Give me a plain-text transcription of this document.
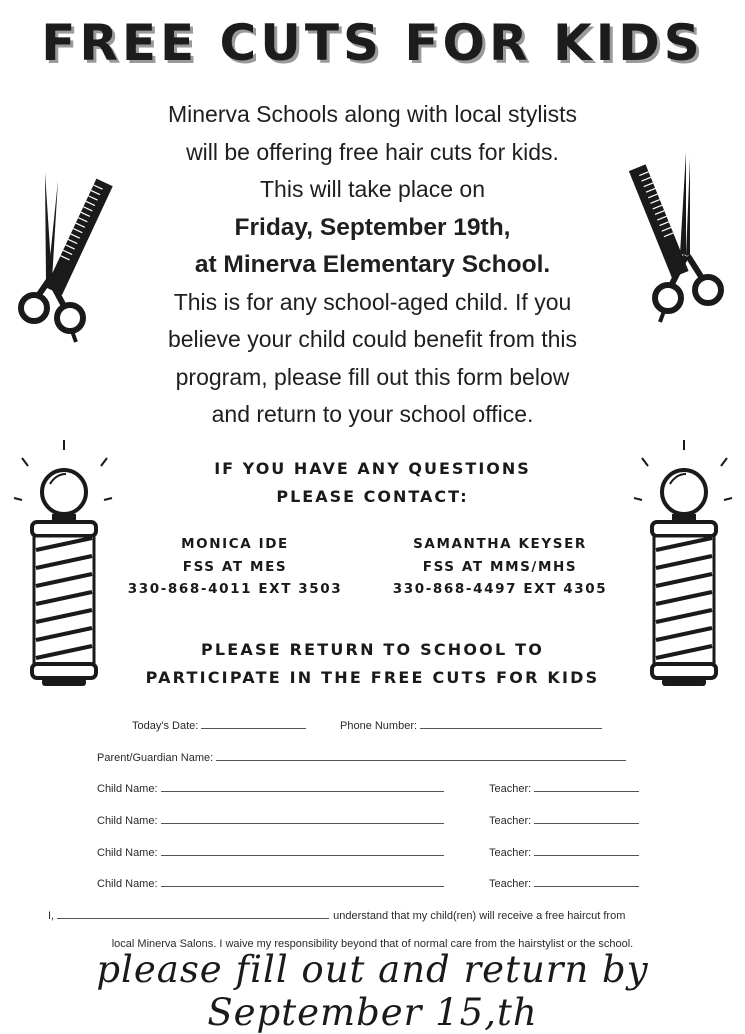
FREE CUTS FOR KIDS
Minerva Schools along with local stylists
will be offering free hair cuts for kids.
This will take place on
Friday, September 19th,
at Minerva Elementary School.
This is for any school-aged child. If you
believe your child could benefit from this
program, please fill out this form below
and return to your school office.
IF YOU HAVE ANY QUESTIONS
PLEASE CONTACT:
MONICA IDE
FSS AT MES
330-868-4011 EXT 3503
SAMANTHA KEYSER
FSS AT MMS/MHS
330-868-4497 EXT 4305
PLEASE RETURN TO SCHOOL TO
PARTICIPATE IN THE FREE CUTS FOR KIDS
Today's Date:	Phone Number:
Parent/Guardian Name:
Child Name:	Teacher:
Child Name:	Teacher:
Child Name:	Teacher:
Child Name:	Teacher:
I,	understand that my child(ren) will receive a free haircut from
local Minerva Salons. I waive my responsibility beyond that of normal care from the hairstylist or the school.
please fill out and return by September 15,th
